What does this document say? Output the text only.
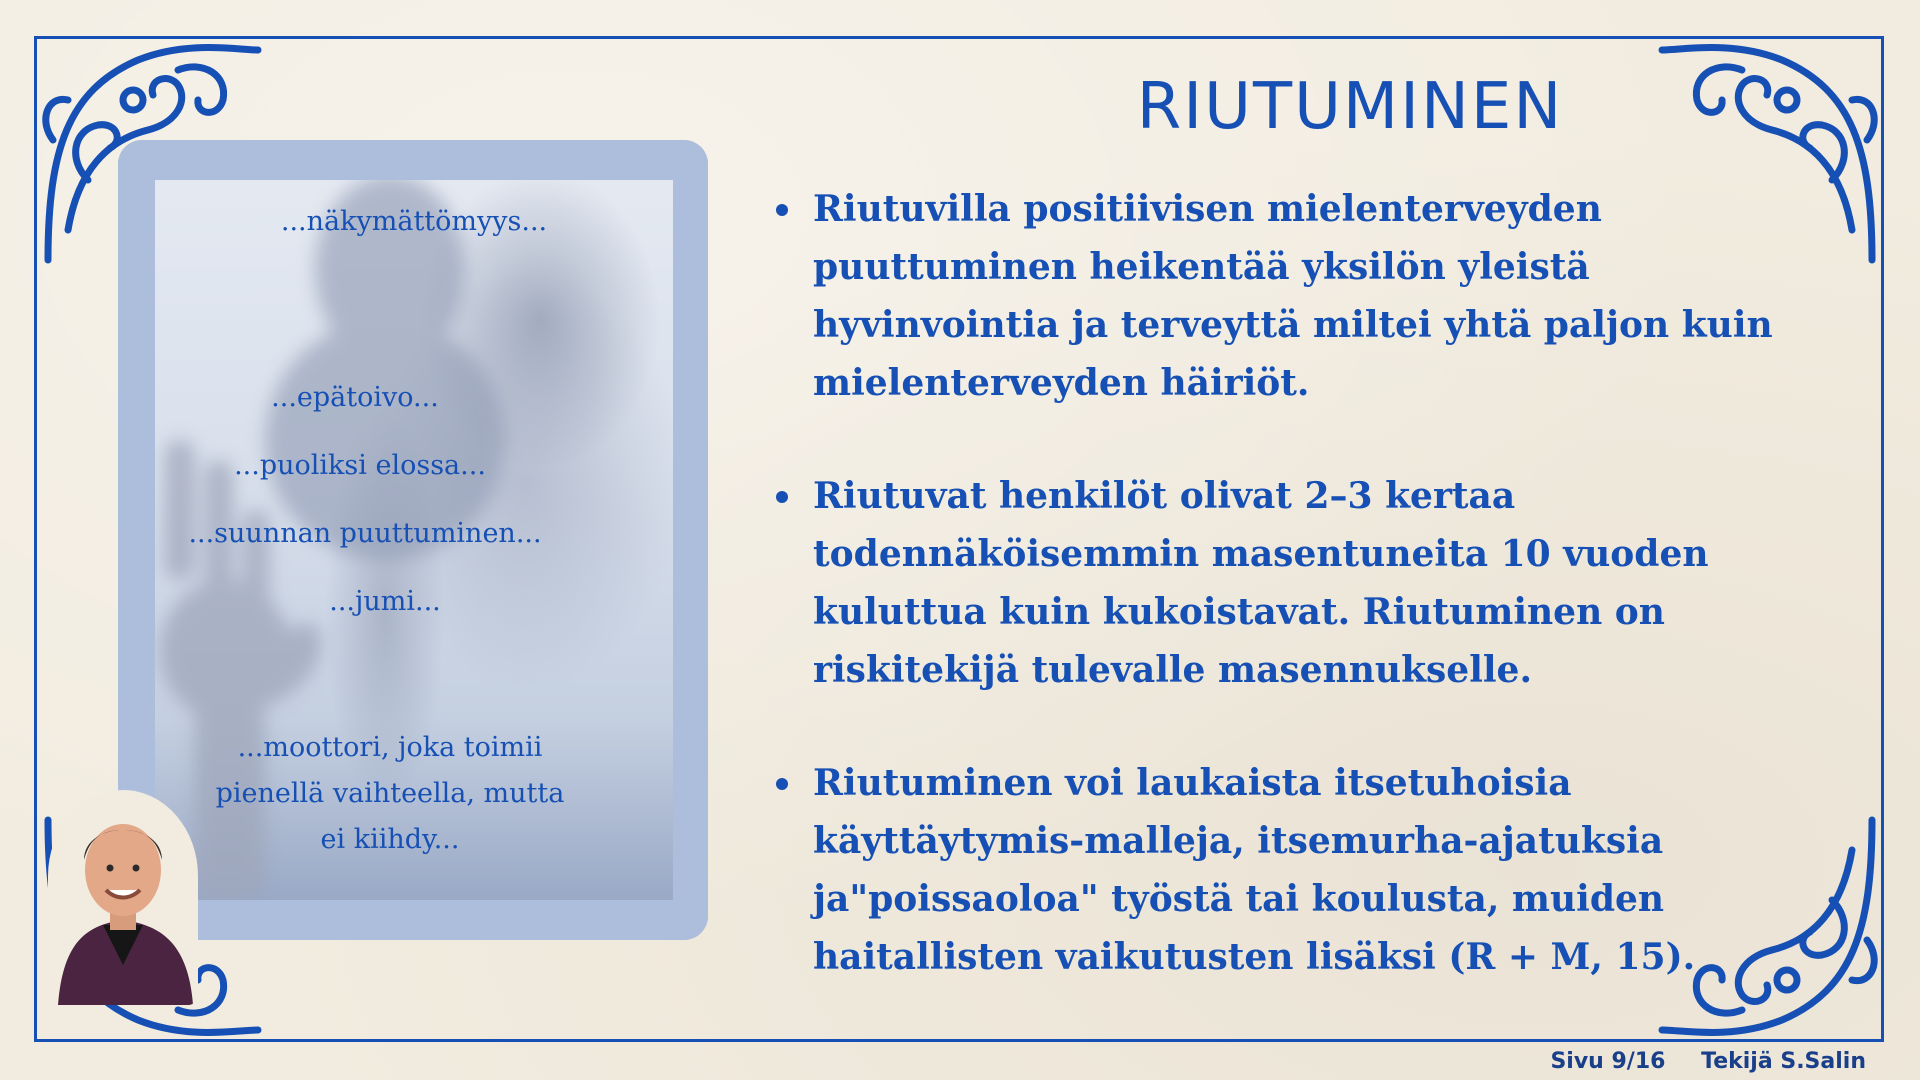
RIUTUMINEN
...näkymättömyys...
...epätoivo...
...puoliksi elossa...
...suunnan puuttuminen...
...jumi...
...moottori, joka toimii
pienellä vaihteella, mutta
ei kiihdy...
Riutuvilla positiivisen mielenterveyden puuttuminen heikentää yksilön yleistä hyvinvointia ja terveyttä miltei yhtä paljon kuin mielenterveyden häiriöt.
Riutuvat henkilöt olivat 2–3 kertaa todennäköisemmin masentuneita 10 vuoden kuluttua kuin kukoistavat. Riutuminen on riskitekijä tulevalle masennukselle.
Riutuminen voi laukaista itsetuhoisia käyttäytymis-malleja, itsemurha-ajatuksia ja"poissaoloa" työstä tai koulusta, muiden haitallisten vaikutusten lisäksi (R + M, 15).
Sivu 9/16 Tekijä S.Salin
